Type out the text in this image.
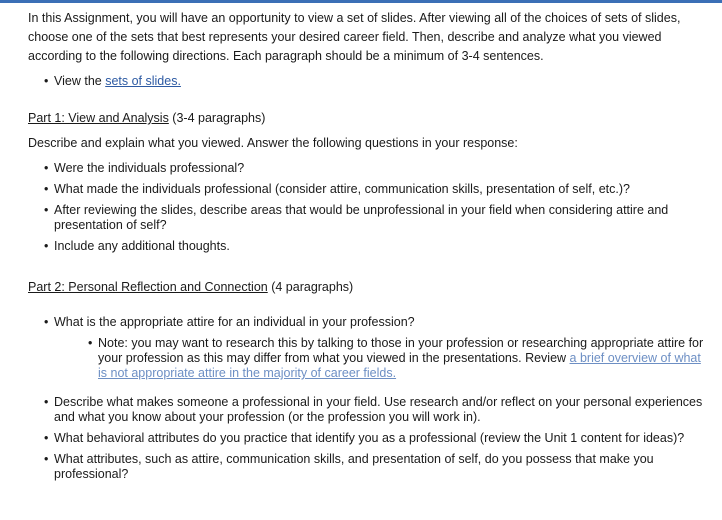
In this Assignment, you will have an opportunity to view a set of slides. After viewing all of the choices of sets of slides, choose one of the sets that best represents your desired career field. Then, describe and analyze what you viewed according to the following directions. Each paragraph should be a minimum of 3-4 sentences.

• View the sets of slides.

Part 1: View and Analysis (3-4 paragraphs)

Describe and explain what you viewed. Answer the following questions in your response:

• Were the individuals professional?
• What made the individuals professional (consider attire, communication skills, presentation of self, etc.)?
• After reviewing the slides, describe areas that would be unprofessional in your field when considering attire and presentation of self?
• Include any additional thoughts.

Part 2: Personal Reflection and Connection (4 paragraphs)

• What is the appropriate attire for an individual in your profession?
• Note: you may want to research this by talking to those in your profession or researching appropriate attire for your profession as this may differ from what you viewed in the presentations. Review a brief overview of what is not appropriate attire in the majority of career fields.
• Describe what makes someone a professional in your field. Use research and/or reflect on your personal experiences and what you know about your profession (or the profession you will work in).
• What behavioral attributes do you practice that identify you as a professional (review the Unit 1 content for ideas)?
• What attributes, such as attire, communication skills, and presentation of self, do you possess that make you professional?
